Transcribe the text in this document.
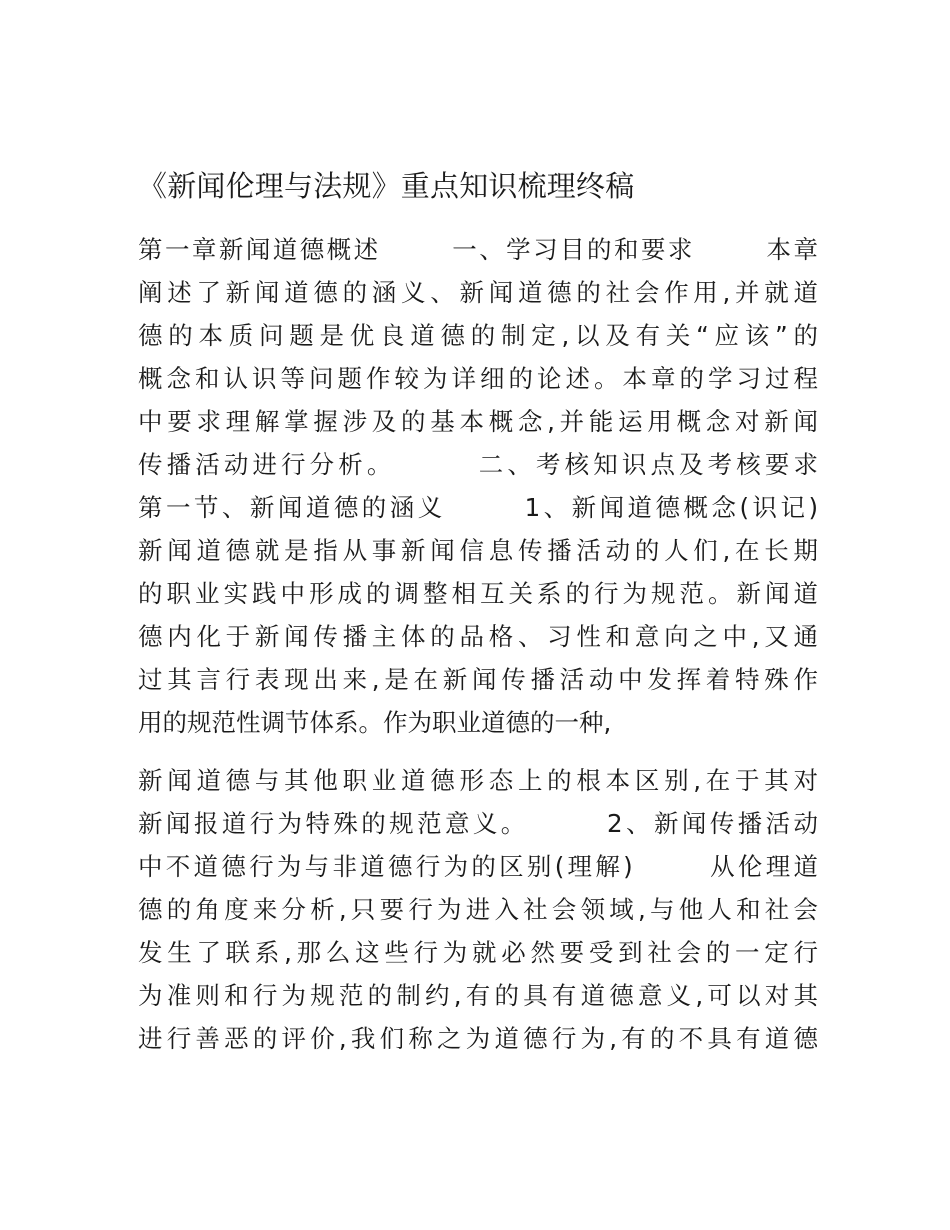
《新闻伦理与法规》重点知识梳理终稿
第一章新闻道德概述       一、学习目的和要求       本章
阐述了新闻道德的涵义、新闻道德的社会作用,并就道
德的本质问题是优良道德的制定,以及有关“应该”的
概念和认识等问题作较为详细的论述。本章的学习过程
中要求理解掌握涉及的基本概念,并能运用概念对新闻
传播活动进行分析。       二、考核知识点及考核要求
第一节、新闻道德的涵义       1、新闻道德概念(识记)
新闻道德就是指从事新闻信息传播活动的人们,在长期
的职业实践中形成的调整相互关系的行为规范。新闻道
德内化于新闻传播主体的品格、习性和意向之中,又通
过其言行表现出来,是在新闻传播活动中发挥着特殊作
用的规范性调节体系。作为职业道德的一种,
新闻道德与其他职业道德形态上的根本区别,在于其对
新闻报道行为特殊的规范意义。       2、新闻传播活动
中不道德行为与非道德行为的区别(理解)       从伦理道
德的角度来分析,只要行为进入社会领域,与他人和社会
发生了联系,那么这些行为就必然要受到社会的一定行
为准则和行为规范的制约,有的具有道德意义,可以对其
进行善恶的评价,我们称之为道德行为,有的不具有道德
